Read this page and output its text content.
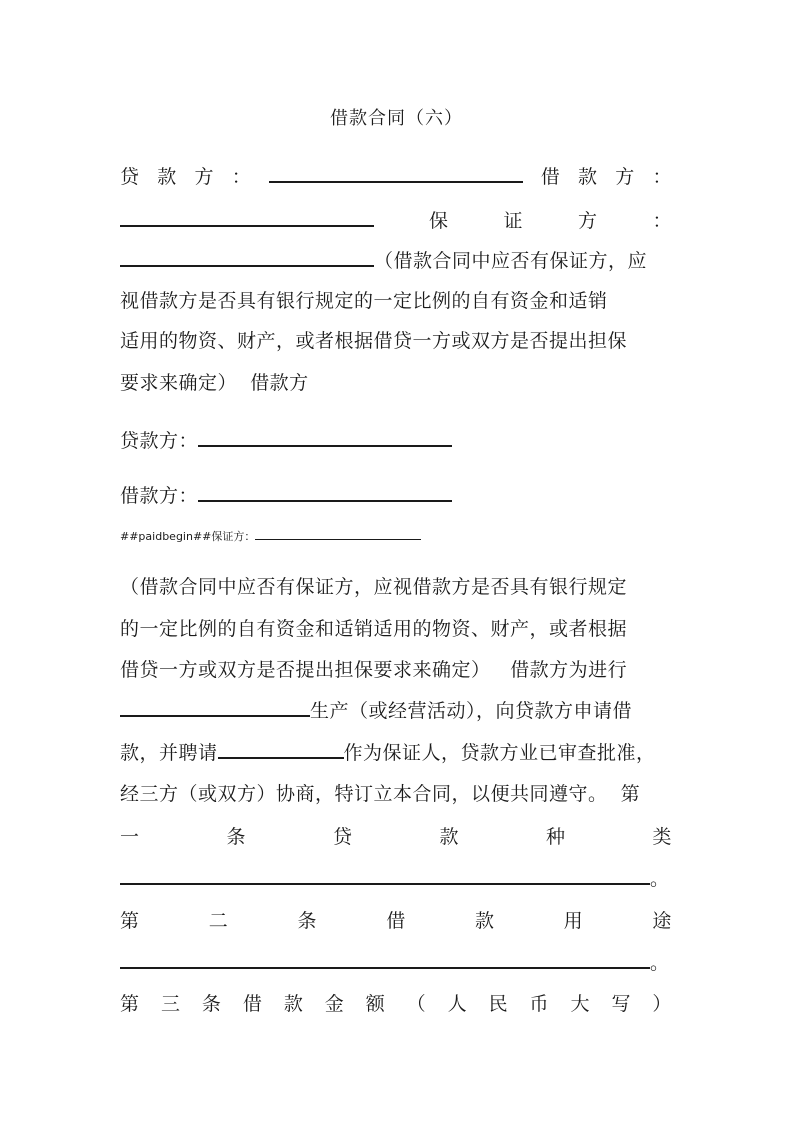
借款合同（六）
贷 款 方 ：	借 款 方 ：
保	证	方	：
（借款合同中应否有保证方，应
视借款方是否具有银行规定的一定比例的自有资金和适销
适用的物资、财产，或者根据借贷一方或双方是否提出担保
要求来确定）  借款方
贷款方：
借款方：
##paidbegin##保证方：
（借款合同中应否有保证方，应视借款方是否具有银行规定
的一定比例的自有资金和适销适用的物资、财产，或者根据
借贷一方或双方是否提出担保要求来确定）   借款方为进行
生产（或经营活动），向贷款方申请借
款，并聘请	作为保证人，贷款方业已审查批准，
经三方（或双方）协商，特订立本合同，以便共同遵守。  第
一	条	贷	款	种	类
。
第	二	条	借	款	用	途
。
第 三 条 借 款 金 额 （ 人 民 币 大 写 ）
